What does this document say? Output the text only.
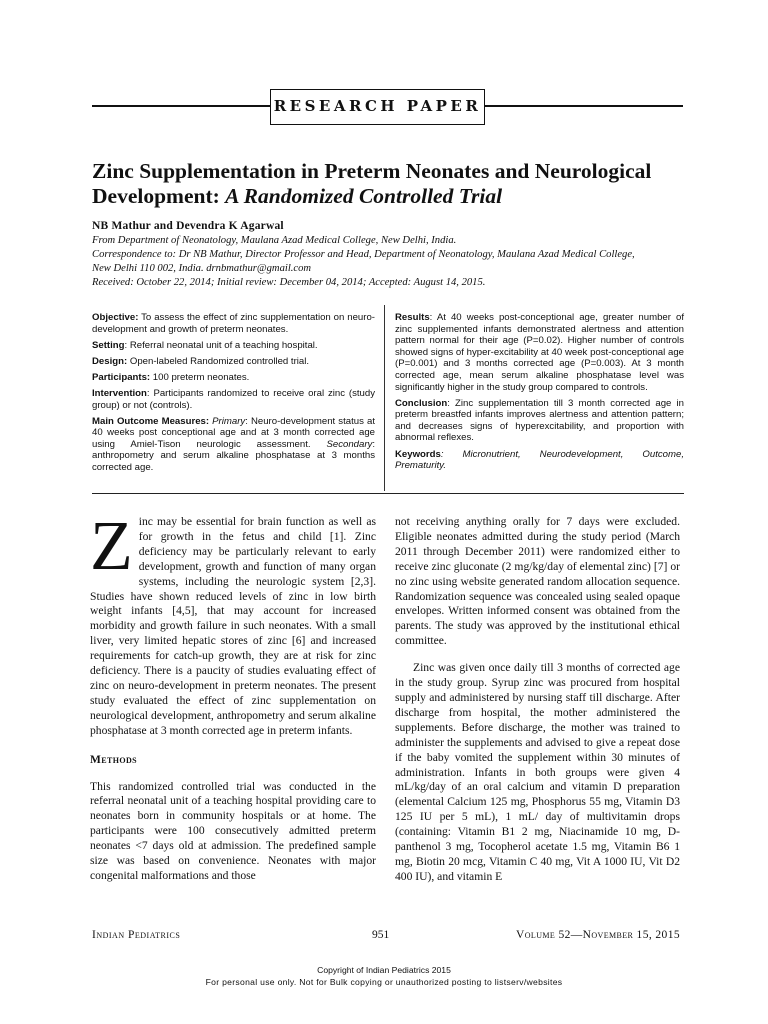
RESEARCH PAPER
Zinc Supplementation in Preterm Neonates and Neurological
Development: A Randomized Controlled Trial
NB Mathur and Devendra K Agarwal
From Department of Neonatology, Maulana Azad Medical College, New Delhi, India.
Correspondence to: Dr NB Mathur, Director Professor and Head, Department of Neonatology, Maulana Azad Medical College,
New Delhi 110 002, India. drnbmathur@gmail.com
Received: October 22, 2014; Initial review: December 04, 2014; Accepted: August 14, 2015.

Objective: To assess the effect of zinc supplementation on neuro-development and growth of preterm neonates.

Setting: Referral neonatal unit of a teaching hospital.

Design: Open-labeled Randomized controlled trial.

Participants: 100 preterm neonates.

Intervention: Participants randomized to receive oral zinc (study group) or not (controls).

Main Outcome Measures: Primary: Neuro-development status at 40 weeks post conceptional age and at 3 month corrected age using Amiel-Tison neurologic assessment. Secondary: anthropometry and serum alkaline phosphatase at 3 months corrected age.

Results: At 40 weeks post-conceptional age, greater number of zinc supplemented infants demonstrated alertness and attention pattern normal for their age (P=0.02). Higher number of controls showed signs of hyper-excitability at 40 week post-conceptional age (P=0.001) and 3 months corrected age (P=0.003). At 3 month corrected age, mean serum alkaline phosphatase level was significantly higher in the study group compared to controls.

Conclusion: Zinc supplementation till 3 month corrected age in preterm breastfed infants improves alertness and attention pattern; and decreases signs of hyperexcitability, and proportion with abnormal reflexes.

Keywords: Micronutrient, Neurodevelopment, Outcome, Prematurity.

Zinc may be essential for brain function as well as for growth in the fetus and child [1]. Zinc deficiency may be particularly relevant to early development, growth and function of many organ systems, including the neurologic system [2,3]. Studies have shown reduced levels of zinc in low birth weight infants [4,5], that may account for increased morbidity and growth failure in such neonates. With a small liver, very limited hepatic stores of zinc [6] and increased requirements for catch-up growth, they are at risk for zinc deficiency. There is a paucity of studies evaluating effect of zinc on neuro-development in preterm neonates. The present study evaluated the effect of zinc supplementation on neurological development, anthropometry and serum alkaline phosphatase at 3 month corrected age in preterm infants.

Methods

This randomized controlled trial was conducted in the referral neonatal unit of a teaching hospital providing care to neonates born in community hospitals or at home. The participants were 100 consecutively admitted preterm neonates <7 days old at admission. The predefined sample size was based on convenience. Neonates with major congenital malformations and those

not receiving anything orally for 7 days were excluded. Eligible neonates admitted during the study period (March 2011 through December 2011) were randomized either to receive zinc gluconate (2 mg/kg/day of elemental zinc) [7] or no zinc using website generated random allocation sequence. Randomization sequence was concealed using sealed opaque envelopes. Written informed consent was obtained from the parents. The study was approved by the institutional ethical committee.

Zinc was given once daily till 3 months of corrected age in the study group. Syrup zinc was procured from hospital supply and administered by nursing staff till discharge. After discharge from hospital, the mother administered the supplements. Before discharge, the mother was trained to administer the supplements and advised to give a repeat dose if the baby vomited the supplement within 30 minutes of administration. Infants in both groups were given 4 mL/kg/day of an oral calcium and vitamin D preparation (elemental Calcium 125 mg, Phosphorus 55 mg, Vitamin D3 125 IU per 5 mL), 1 mL/ day of multivitamin drops (containing: Vitamin B1 2 mg, Niacinamide 10 mg, D-panthenol 3 mg, Tocopherol acetate 1.5 mg, Vitamin B6 1 mg, Biotin 20 mcg, Vitamin C 40 mg, Vit A 1000 IU, Vit D2 400 IU), and vitamin E

Indian Pediatrics	951	Volume 52—November 15, 2015
Copyright of Indian Pediatrics 2015
For personal use only. Not for Bulk copying or unauthorized posting to listserv/websites
